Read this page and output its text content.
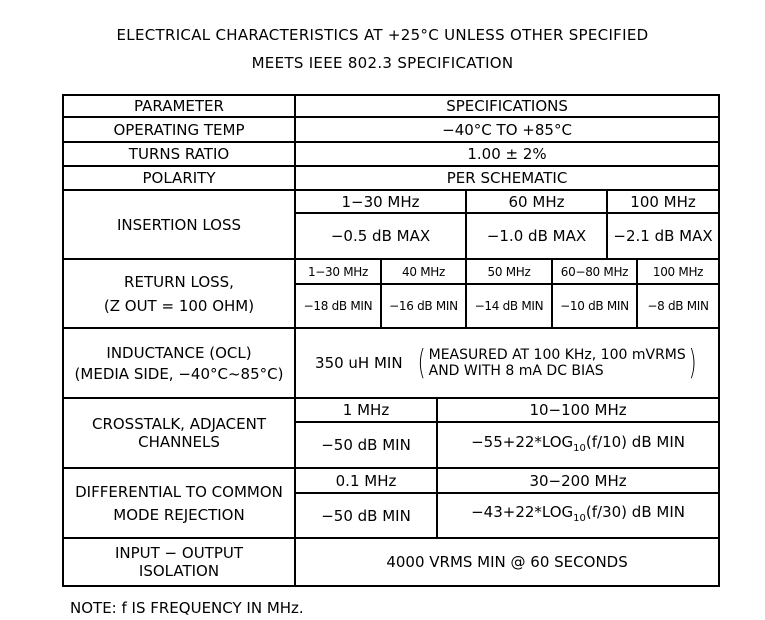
ELECTRICAL CHARACTERISTICS AT +25°C UNLESS OTHER SPECIFIED
MEETS IEEE 802.3 SPECIFICATION
PARAMETER	SPECIFICATIONS						
OPERATING TEMP	−40°C TO +85°C						
TURNS RATIO	1.00 ± 2%						
POLARITY	PER SCHEMATIC						
INSERTION LOSS	1−30 MHz			60 MHz		100 MHz	
	−0.5 dB MAX			−1.0 dB MAX		−2.1 dB MAX	

RETURN LOSS,
(Z OUT = 100 OHM)	1−30 MHz	40 MHz		50 MHz	60−80 MHz		100 MHz
	−18 dB MIN	−16 dB MIN		−14 dB MIN	−10 dB MIN		−8 dB MIN

INDUCTANCE (OCL)
(MEDIA SIDE, −40°C~85°C)	350 uH MIN ( MEASURED AT 100 KHz, 100 mVRMS
AND WITH 8 mA DC BIAS )						

CROSSTALK, ADJACENT
CHANNELS	1 MHz		10−100 MHz				
	−50 dB MIN		$-55+22*LOG_{10}(f/10)$ dB MIN				

DIFFERENTIAL TO COMMON
MODE REJECTION	0.1 MHz		30−200 MHz				
	−50 dB MIN		$-43+22*LOG_{10}(f/30)$ dB MIN				

INPUT − OUTPUT
ISOLATION	4000 VRMS MIN @ 60 SECONDS						
NOTE: f IS FREQUENCY IN MHz.
